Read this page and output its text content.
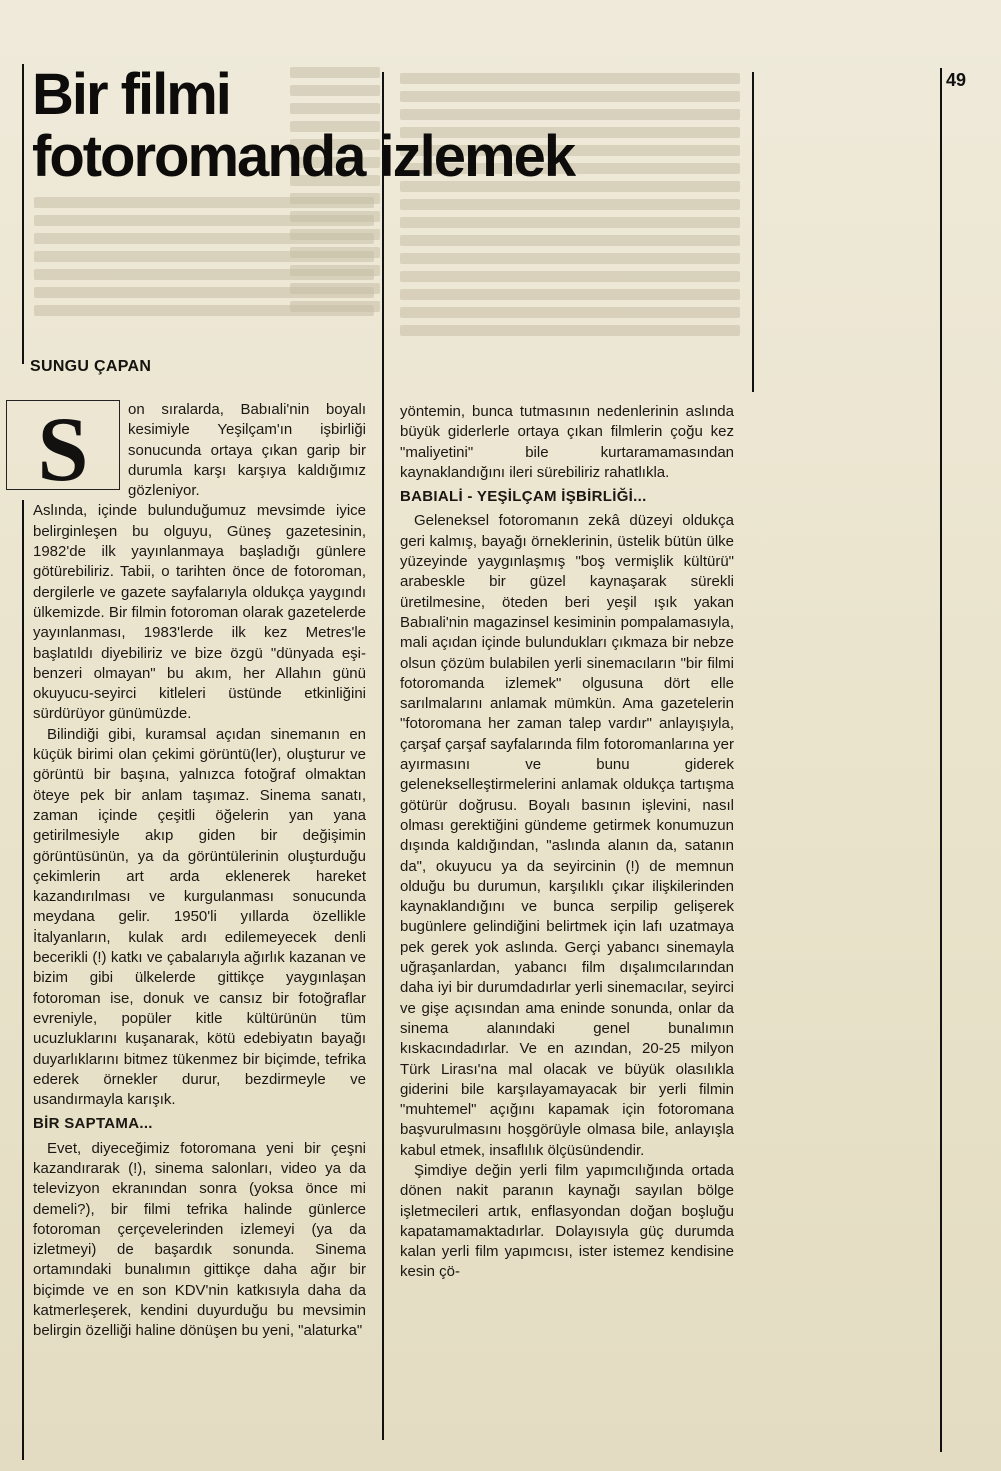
49
Bir filmi
fotoromanda izlemek
SUNGU ÇAPAN
S	on sıralarda, Babıali'nin boyalı kesimiyle Yeşilçam'ın işbirliği sonucunda ortaya çıkan garip bir durumla karşı karşıya kaldığımız gözleniyor.

Aslında, içinde bulunduğumuz mevsimde iyice belirginleşen bu olguyu, Güneş gazetesinin, 1982'de ilk yayınlanmaya başladığı günlere götürebiliriz. Tabii, o tarihten önce de fotoroman, dergilerle ve gazete sayfalarıyla oldukça yaygındı ülkemizde. Bir filmin fotoroman olarak gazetelerde yayınlanması, 1983'lerde ilk kez Metres'le başlatıldı diyebiliriz ve bize özgü "dünyada eşi-benzeri olmayan" bu akım, her Allahın günü okuyucu-seyirci kitleleri üstünde etkinliğini sürdürüyor günümüzde.

Bilindiği gibi, kuramsal açıdan sinemanın en küçük birimi olan çekimi görüntü(ler), oluşturur ve görüntü bir başına, yalnızca fotoğraf olmaktan öteye pek bir anlam taşımaz. Sinema sanatı, zaman içinde çeşitli öğelerin yan yana getirilmesiyle akıp giden bir değişimin görüntüsünün, ya da görüntülerinin oluşturduğu çekimlerin art arda eklenerek hareket kazandırılması ve kurgulanması sonucunda meydana gelir. 1950'li yıllarda özellikle İtalyanların, kulak ardı edilemeyecek denli becerikli (!) katkı ve çabalarıyla ağırlık kazanan ve bizim gibi ülkelerde gittikçe yaygınlaşan fotoroman ise, donuk ve cansız bir fotoğraflar evreniyle, popüler kitle kültürünün tüm ucuzluklarını kuşanarak, kötü edebiyatın bayağı duyarlıklarını bitmez tükenmez bir biçimde, tefrika ederek örnekler durur, bezdirmeyle ve usandırmayla karışık.

BİR SAPTAMA...

Evet, diyeceğimiz fotoromana yeni bir çeşni kazandırarak (!), sinema salonları, video ya da televizyon ekranından sonra (yoksa önce mi demeli?), bir filmi tefrika halinde günlerce fotoroman çerçevelerinden izlemeyi (ya da izletmeyi) de başardık sonunda. Sinema ortamındaki bunalımın gittikçe daha ağır bir biçimde ve en son KDV'nin katkısıyla daha da katmerleşerek, kendini duyurduğu bu mevsimin belirgin özelliği haline dönüşen bu yeni, "alaturka"

yöntemin, bunca tutmasının nedenlerinin aslında büyük giderlerle ortaya çıkan filmlerin çoğu kez "maliyetini" bile kurtaramamasından kaynaklandığını ileri sürebiliriz rahatlıkla.

BABIALİ - YEŞİLÇAM İŞBİRLİĞİ...

Geleneksel fotoromanın zekâ düzeyi oldukça geri kalmış, bayağı örneklerinin, üstelik bütün ülke yüzeyinde yaygınlaşmış "boş vermişlik kültürü" arabeskle bir güzel kaynaşarak sürekli üretilmesine, öteden beri yeşil ışık yakan Babıali'nin magazinsel kesiminin pompalamasıyla, mali açıdan içinde bulundukları çıkmaza bir nebze olsun çözüm bulabilen yerli sinemacıların "bir filmi fotoromanda izlemek" olgusuna dört elle sarılmalarını anlamak mümkün. Ama gazetelerin "fotoromana her zaman talep vardır" anlayışıyla, çarşaf çarşaf sayfalarında film fotoromanlarına yer ayırmasını ve bunu giderek gelenekselleştirmelerini anlamak oldukça tartışma götürür doğrusu. Boyalı basının işlevini, nasıl olması gerektiğini gündeme getirmek konumuzun dışında kaldığından, "aslında alanın da, satanın da", okuyucu ya da seyircinin (!) de memnun olduğu bu durumun, karşılıklı çıkar ilişkilerinden kaynaklandığını ve bunca serpilip gelişerek bugünlere gelindiğini belirtmek için lafı uzatmaya pek gerek yok aslında. Gerçi yabancı sinemayla uğraşanlardan, yabancı film dışalımcılarından daha iyi bir durumdadırlar yerli sinemacılar, seyirci ve gişe açısından ama eninde sonunda, onlar da sinema alanındaki genel bunalımın kıskacındadırlar. Ve en azından, 20-25 milyon Türk Lirası'na mal olacak ve büyük olasılıkla giderini bile karşılayamayacak bir yerli filmin "muhtemel" açığını kapamak için fotoromana başvurulmasını hoşgörüyle olmasa bile, anlayışla kabul etmek, insaflılık ölçüsündendir.

Şimdiye değin yerli film yapımcılığında ortada dönen nakit paranın kaynağı sayılan bölge işletmecileri artık, enflasyondan doğan boşluğu kapatamamaktadırlar. Dolayısıyla güç durumda kalan yerli film yapımcısı, ister istemez kendisine kesin çö-
